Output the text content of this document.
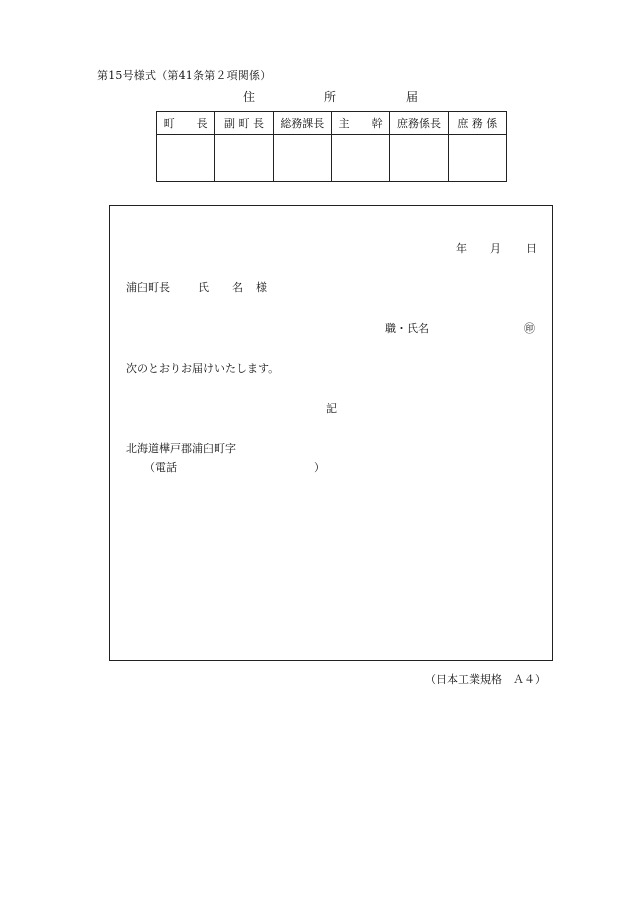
第15号様式（第41条第２項関係）
住	所	届
町　　長	副 町 長	総務課長	主　　幹	庶務係長	庶 務 係

年 月 日
浦臼町長	氏 名 様
職・氏名	㊞
次のとおりお届けいたします。
記
北海道樺戸郡浦臼町字
（電話	）
（日本工業規格　Ａ４）
